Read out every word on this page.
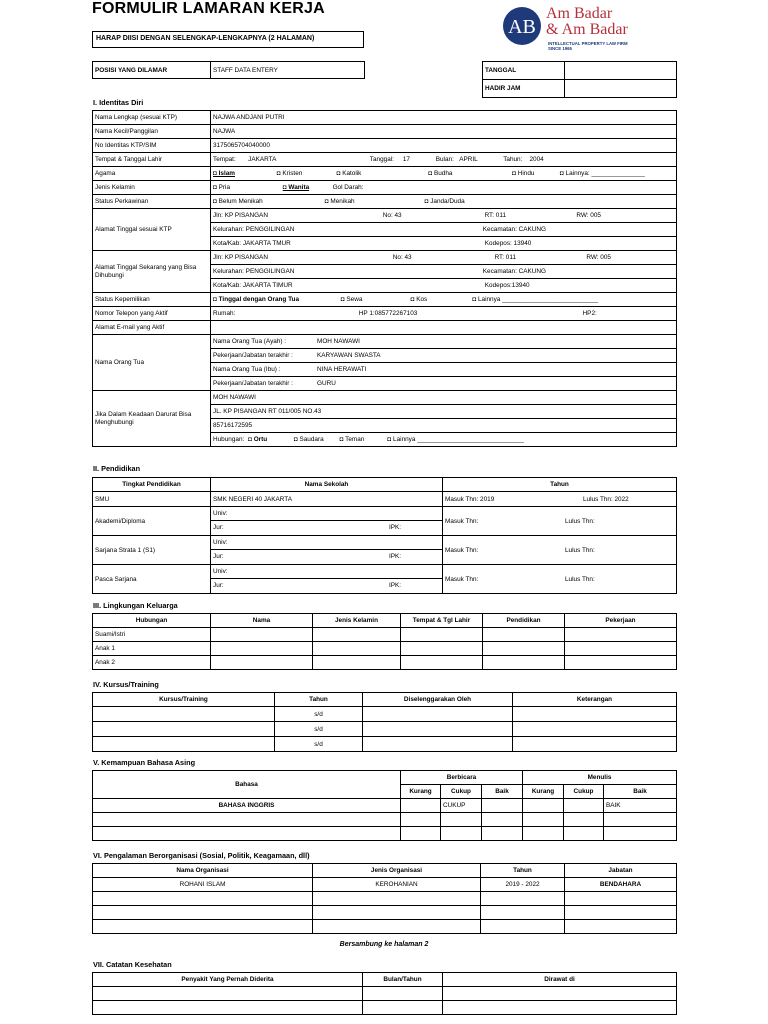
FORMULIR LAMARAN KERJA
AB
Am Badar
& Am Badar
INTELLECTUAL PROPERTY LAW FIRM
SINCE 1965
HARAP DIISI DENGAN SELENGKAP-LENGKAPNYA (2 HALAMAN)
POSISI YANG DILAMAR	STAFF DATA ENTERY	TANGGAL	
HADIR JAM	
I. Identitas Diri
Nama Lengkap (sesuai KTP)	NAJWA ANDJANI PUTRI
Nama Kecil/Panggilan	NAJWA
No Identitas KTP/SIM	3175065704040000
Tempat & Tanggal Lahir	Tempat: JAKARTA Tanggal: 17 Bulan: APRIL Tahun: 2004
Agama	◘ Islam ◘ Kristen ◘ Katolik ◘ Budha ◘ Hindu ◘ Lainnya: _______________
Jenis Kelamin	◘ Pria ◘ Wanita Gol Darah:
Status Perkawinan	◘ Belum Menikah ◘ Menikah ◘ Janda/Duda
Alamat Tinggal sesuai KTP	Jln: KP PISANGAN No: 43 RT: 011 RW: 005
	Kelurahan: PENGGILINGAN Kecamatan: CAKUNG
	Kota/Kab: JAKARTA TMUR Kodepos: 13940
Alamat Tinggal Sekarang yang Bisa Dihubungi	Jln: KP PISANGAN No: 43 RT: 011 RW: 005
	Kelurahan: PENGGILINGAN Kecamatan: CAKUNG
	Kota/Kab: JAKARTA TIMUR Kodepos:13940
Status Kepemilikan	◘ Tinggal dengan Orang Tua ◘ Sewa ◘ Kos ◘ Lainnya ___________________________
Nomor Telepon yang Aktif	Rumah: HP 1:085772267103 HP2:
Alamat E-mail yang Aktif	
Nama Orang Tua	Nama Orang Tua (Ayah) : MOH NAWAWI
	Pekerjaan/Jabatan terakhir : KARYAWAN SWASTA
	Nama Orang Tua (Ibu) : NINA HERAWATI
	Pekerjaan/Jabatan terakhir : GURU
Jika Dalam Keadaan Darurat Bisa Menghubungi	MOH NAWAWI
	JL. KP PISANGAN RT 011/005 NO.43
	85716172595
	Hubungan: ◘ Ortu ◘ Saudara ◘ Teman ◘ Lainnya ______________________________
II. Pendidikan
Tingkat Pendidikan	Nama Sekolah	Tahun
SMU	SMK NEGERI 40 JAKARTA	Masuk Thn: 2019 Lulus Thn: 2022
Akademi/Diploma	Univ:
Jur: IPK:	Masuk Thn: Lulus Thn:
Sarjana Strata 1 (S1)	Univ:
Jur: IPK:	Masuk Thn: Lulus Thn:
Pasca Sarjana	Univ:
Jur: IPK:	Masuk Thn: Lulus Thn:
III. Lingkungan Keluarga
Hubungan	Nama	Jenis Kelamin	Tempat & Tgl Lahir	Pendidikan	Pekerjaan
Suami/Istri					
Anak 1					
Anak 2					
IV. Kursus/Training
Kursus/Training	Tahun	Diselenggarakan Oleh	Keterangan
	s/d		
	s/d		
	s/d		
V. Kemampuan Bahasa Asing
Bahasa	Berbicara			Menulis		
	Kurang	Cukup	Baik	Kurang	Cukup	Baik
BAHASA INGGRIS		CUKUP				BAIK

VI. Pengalaman Berorganisasi (Sosial, Politik, Keagamaan, dll)
Nama Organisasi	Jenis Organisasi	Tahun	Jabatan
ROHANI ISLAM	KEROHANIAN	2019 - 2022	BENDAHARA

Bersambung ke halaman 2
VII. Catatan Kesehatan
Penyakit Yang Pernah Diderita	Bulan/Tahun	Dirawat di
